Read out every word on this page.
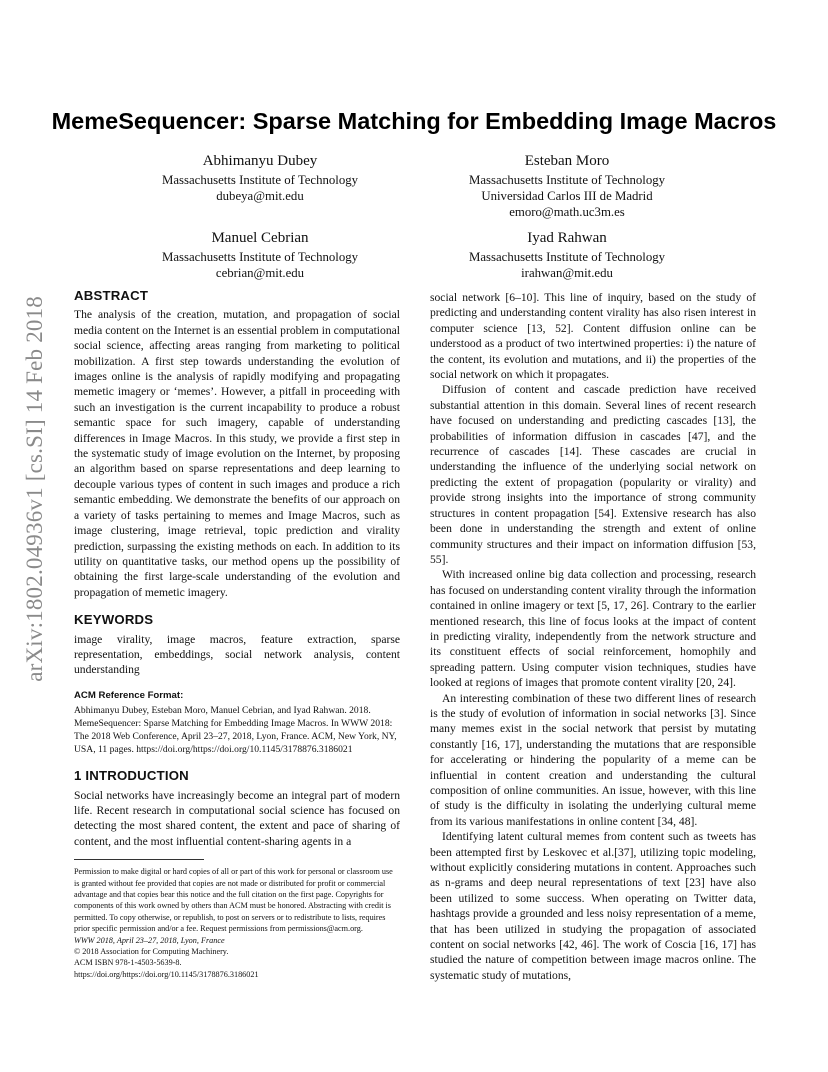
arXiv:1802.04936v1 [cs.SI] 14 Feb 2018
MemeSequencer: Sparse Matching for Embedding Image Macros
Abhimanyu Dubey
Massachusetts Institute of Technology
dubeya@mit.edu
Esteban Moro
Massachusetts Institute of Technology
Universidad Carlos III de Madrid
emoro@math.uc3m.es
Manuel Cebrian
Massachusetts Institute of Technology
cebrian@mit.edu
Iyad Rahwan
Massachusetts Institute of Technology
irahwan@mit.edu
ABSTRACT

The analysis of the creation, mutation, and propagation of social media content on the Internet is an essential problem in computational social science, affecting areas ranging from marketing to political mobilization. A first step towards understanding the evolution of images online is the analysis of rapidly modifying and propagating memetic imagery or ‘memes’. However, a pitfall in proceeding with such an investigation is the current incapability to produce a robust semantic space for such imagery, capable of understanding differences in Image Macros. In this study, we provide a first step in the systematic study of image evolution on the Internet, by proposing an algorithm based on sparse representations and deep learning to decouple various types of content in such images and produce a rich semantic embedding. We demonstrate the benefits of our approach on a variety of tasks pertaining to memes and Image Macros, such as image clustering, image retrieval, topic prediction and virality prediction, surpassing the existing methods on each. In addition to its utility on quantitative tasks, our method opens up the possibility of obtaining the first large-scale understanding of the evolution and propagation of memetic imagery.

KEYWORDS

image virality, image macros, feature extraction, sparse representation, embeddings, social network analysis, content understanding

ACM Reference Format:

Abhimanyu Dubey, Esteban Moro, Manuel Cebrian, and Iyad Rahwan. 2018. MemeSequencer: Sparse Matching for Embedding Image Macros. In WWW 2018: The 2018 Web Conference, April 23–27, 2018, Lyon, France. ACM, New York, NY, USA, 11 pages. https://doi.org/https://doi.org/10.1145/3178876.3186021

1 INTRODUCTION

Social networks have increasingly become an integral part of modern life. Recent research in computational social science has focused on detecting the most shared content, the extent and pace of sharing of content, and the most influential content-sharing agents in a

Permission to make digital or hard copies of all or part of this work for personal or classroom use is granted without fee provided that copies are not made or distributed for profit or commercial advantage and that copies bear this notice and the full citation on the first page. Copyrights for components of this work owned by others than ACM must be honored. Abstracting with credit is permitted. To copy otherwise, or republish, to post on servers or to redistribute to lists, requires prior specific permission and/or a fee. Request permissions from permissions@acm.org.
WWW 2018, April 23–27, 2018, Lyon, France
© 2018 Association for Computing Machinery.
ACM ISBN 978-1-4503-5639-8.
https://doi.org/https://doi.org/10.1145/3178876.3186021

social network [6–10]. This line of inquiry, based on the study of predicting and understanding content virality has also risen interest in computer science [13, 52]. Content diffusion online can be understood as a product of two intertwined properties: i) the nature of the content, its evolution and mutations, and ii) the properties of the social network on which it propagates.

Diffusion of content and cascade prediction have received substantial attention in this domain. Several lines of recent research have focused on understanding and predicting cascades [13], the probabilities of information diffusion in cascades [47], and the recurrence of cascades [14]. These cascades are crucial in understanding the influence of the underlying social network on predicting the extent of propagation (popularity or virality) and provide strong insights into the importance of strong community structures in content propagation [54]. Extensive research has also been done in understanding the strength and extent of online community structures and their impact on information diffusion [53, 55].

With increased online big data collection and processing, research has focused on understanding content virality through the information contained in online imagery or text [5, 17, 26]. Contrary to the earlier mentioned research, this line of focus looks at the impact of content in predicting virality, independently from the network structure and its constituent effects of social reinforcement, homophily and spreading pattern. Using computer vision techniques, studies have looked at regions of images that promote content virality [20, 24].

An interesting combination of these two different lines of research is the study of evolution of information in social networks [3]. Since many memes exist in the social network that persist by mutating constantly [16, 17], understanding the mutations that are responsible for accelerating or hindering the popularity of a meme can be influential in content creation and understanding the cultural composition of online communities. An issue, however, with this line of study is the difficulty in isolating the underlying cultural meme from its various manifestations in online content [34, 48].

Identifying latent cultural memes from content such as tweets has been attempted first by Leskovec et al.[37], utilizing topic modeling, without explicitly considering mutations in content. Approaches such as n-grams and deep neural representations of text [23] have also been utilized to some success. When operating on Twitter data, hashtags provide a grounded and less noisy representation of a meme, that has been utilized in studying the propagation of associated content on social networks [42, 46]. The work of Coscia [16, 17] has studied the nature of competition between image macros online. The systematic study of mutations,
